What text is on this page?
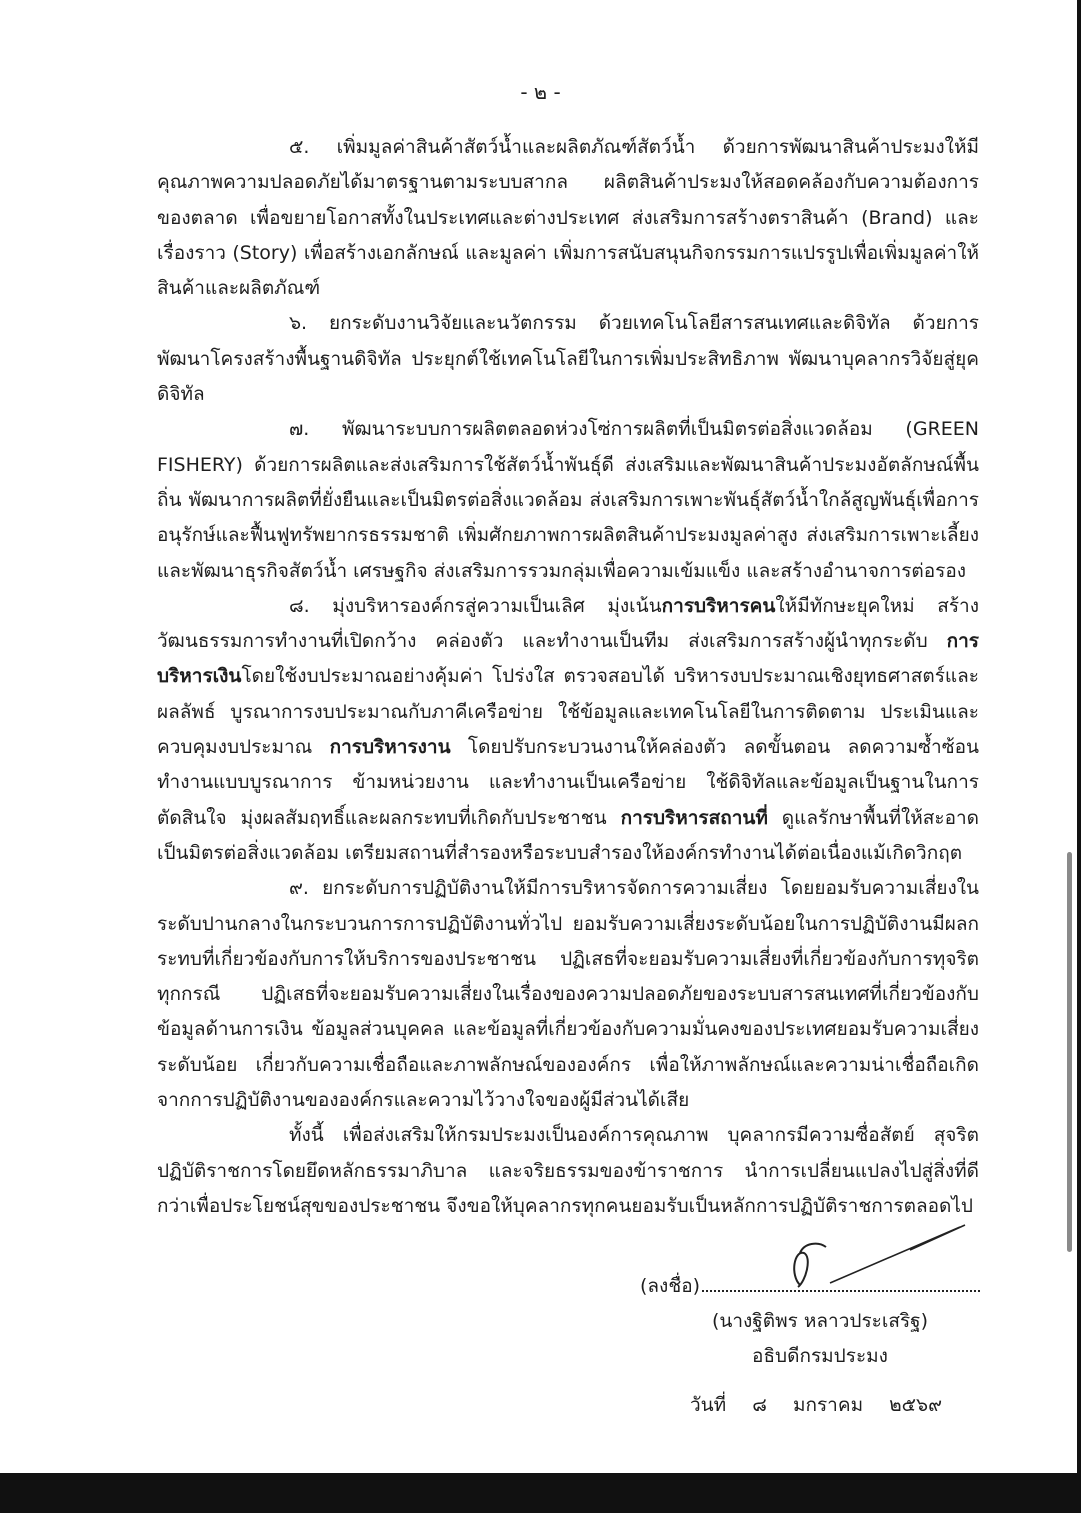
- ๒ -

๕. เพิ่มมูลค่าสินค้าสัตว์น้ำและผลิตภัณฑ์สัตว์น้ำ ด้วยการพัฒนาสินค้าประมงให้มีคุณภาพความปลอดภัยได้มาตรฐานตามระบบสากล ผลิตสินค้าประมงให้สอดคล้องกับความต้องการของตลาด เพื่อขยายโอกาสทั้งในประเทศและต่างประเทศ ส่งเสริมการสร้างตราสินค้า (Brand) และเรื่องราว (Story) เพื่อสร้างเอกลักษณ์ และมูลค่า เพิ่มการสนับสนุนกิจกรรมการแปรรูปเพื่อเพิ่มมูลค่าให้สินค้าและผลิตภัณฑ์

๖. ยกระดับงานวิจัยและนวัตกรรม ด้วยเทคโนโลยีสารสนเทศและดิจิทัล ด้วยการพัฒนาโครงสร้างพื้นฐานดิจิทัล ประยุกต์ใช้เทคโนโลยีในการเพิ่มประสิทธิภาพ พัฒนาบุคลากรวิจัยสู่ยุคดิจิทัล

๗. พัฒนาระบบการผลิตตลอดห่วงโซ่การผลิตที่เป็นมิตรต่อสิ่งแวดล้อม (GREEN FISHERY) ด้วยการผลิตและส่งเสริมการใช้สัตว์น้ำพันธุ์ดี ส่งเสริมและพัฒนาสินค้าประมงอัตลักษณ์พื้นถิ่น พัฒนาการผลิตที่ยั่งยืนและเป็นมิตรต่อสิ่งแวดล้อม ส่งเสริมการเพาะพันธุ์สัตว์น้ำใกล้สูญพันธุ์เพื่อการอนุรักษ์และฟื้นฟูทรัพยากรธรรมชาติ เพิ่มศักยภาพการผลิตสินค้าประมงมูลค่าสูง ส่งเสริมการเพาะเลี้ยงและพัฒนาธุรกิจสัตว์น้ำ เศรษฐกิจ ส่งเสริมการรวมกลุ่มเพื่อความเข้มแข็ง และสร้างอำนาจการต่อรอง

๘. มุ่งบริหารองค์กรสู่ความเป็นเลิศ มุ่งเน้นการบริหารคนให้มีทักษะยุคใหม่ สร้างวัฒนธรรมการทำงานที่เปิดกว้าง คล่องตัว และทำงานเป็นทีม ส่งเสริมการสร้างผู้นำทุกระดับ การบริหารเงินโดยใช้งบประมาณอย่างคุ้มค่า โปร่งใส ตรวจสอบได้ บริหารงบประมาณเชิงยุทธศาสตร์และผลลัพธ์ บูรณาการงบประมาณกับภาคีเครือข่าย ใช้ข้อมูลและเทคโนโลยีในการติดตาม ประเมินและควบคุมงบประมาณ การบริหารงาน โดยปรับกระบวนงานให้คล่องตัว ลดขั้นตอน ลดความซ้ำซ้อน ทำงานแบบบูรณาการ ข้ามหน่วยงาน และทำงานเป็นเครือข่าย ใช้ดิจิทัลและข้อมูลเป็นฐานในการตัดสินใจ มุ่งผลสัมฤทธิ์และผลกระทบที่เกิดกับประชาชน การบริหารสถานที่ ดูแลรักษาพื้นที่ให้สะอาด เป็นมิตรต่อสิ่งแวดล้อม เตรียมสถานที่สำรองหรือระบบสำรองให้องค์กรทำงานได้ต่อเนื่องแม้เกิดวิกฤต

๙. ยกระดับการปฏิบัติงานให้มีการบริหารจัดการความเสี่ยง โดยยอมรับความเสี่ยงในระดับปานกลางในกระบวนการการปฏิบัติงานทั่วไป ยอมรับความเสี่ยงระดับน้อยในการปฏิบัติงานมีผลกระทบที่เกี่ยวข้องกับการให้บริการของประชาชน ปฏิเสธที่จะยอมรับความเสี่ยงที่เกี่ยวข้องกับการทุจริตทุกกรณี ปฏิเสธที่จะยอมรับความเสี่ยงในเรื่องของความปลอดภัยของระบบสารสนเทศที่เกี่ยวข้องกับข้อมูลด้านการเงิน ข้อมูลส่วนบุคคล และข้อมูลที่เกี่ยวข้องกับความมั่นคงของประเทศยอมรับความเสี่ยงระดับน้อย เกี่ยวกับความเชื่อถือและภาพลักษณ์ขององค์กร เพื่อให้ภาพลักษณ์และความน่าเชื่อถือเกิดจากการปฏิบัติงานขององค์กรและความไว้วางใจของผู้มีส่วนได้เสีย

ทั้งนี้ เพื่อส่งเสริมให้กรมประมงเป็นองค์การคุณภาพ บุคลากรมีความซื่อสัตย์ สุจริต ปฏิบัติราชการโดยยึดหลักธรรมาภิบาล และจริยธรรมของข้าราชการ นำการเปลี่ยนแปลงไปสู่สิ่งที่ดีกว่าเพื่อประโยชน์สุขของประชาชน จึงขอให้บุคลากรทุกคนยอมรับเป็นหลักการปฏิบัติราชการตลอดไป

(ลงชื่อ)
(นางฐิติพร หลาวประเสริฐ)
อธิบดีกรมประมง
วันที่ ๘ มกราคม ๒๕๖๙
